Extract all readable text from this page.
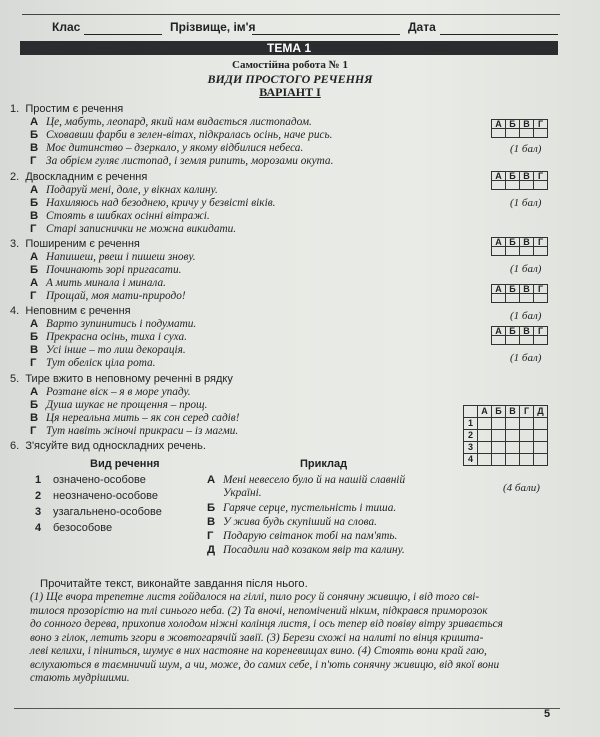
Клас	Прізвище, ім'я	Дата
ТЕМА 1
Самостійна робота № 1
ВИДИ ПРОСТОГО РЕЧЕННЯ
ВАРІАНТ І
1. Простим є речення
А Це, мабуть, леопард, який нам видається листопадом.
Б Сховавши фарби в зелен-вітах, підкралась осінь, наче рись.
В Моє дитинство – дзеркало, у якому відбилися небеса.
Г За обрієм гуляє листопад, і земля рипить, морозами окута.
А	Б	В	Г

(1 бал)
2. Двоскладним є речення
А Подаруй мені, доле, у вікнах калину.
Б Нахиляюсь над безоднею, кричу у безвісті віків.
В Стоять в шибках осінні вітражі.
Г Старі записнички не можна викидати.
А	Б	В	Г

(1 бал)
3. Поширеним є речення
А Напишеш, рвеш і пишеш знову.
Б Починають зорі пригасати.
А А мить минала і минала.
Г Прощай, моя мати-природо!
А	Б	В	Г

(1 бал)
А	Б	В	Г

4. Неповним є речення
А Варто зупинитись і подумати.
Б Прекрасна осінь, тиха і суха.
В Усі інше – то лиш декорація.
Г Тут обеліск ціла рота.
(1 бал)
А	Б	В	Г

(1 бал)
5. Тире вжито в неповному реченні в рядку
А Розтане віск – я в море упаду.
Б Душа шукає не прощення – прощ.
В Ця нереальна мить – як сон серед садів!
Г Тут навіть жіночі прикраси – із магми.
	А	Б	В	Г	Д
1					
2					
3					
4					
6. З'ясуйте вид односкладних речень.
Вид речення	Приклад
1 означено-особове
2 неозначено-особове
3 узагальнено-особове
4 безособове
А Мені невесело було й на нашій славній
Україні.
Б Гаряче серце, пустельність і тиша.
В У жива будь скупіший на слова.
Г Подарую світанок тобі на пам'ять.
Д Посадили над козаком явір та калину.
(4 бали)
Прочитайте текст, виконайте завдання після нього.
(1) Ще вчора трепетне листя гойдалося на гіллі, пило росу й сонячну живицю, і від того сві-
тилося прозорістю на тлі синього неба. (2) Та вночі, непомічений ніким, підкрався приморозок
до сонного дерева, прихопив холодом ніжні колінця листя, і ось тепер від повіву вітру зривається
воно з гілок, летить згори в жовтогарячій завії. (3) Берези схожі на налиті по вінця кришта-
леві келихи, і піниться, шумує в них настояне на кореневищах вино. (4) Стоять вони край гаю,
вслухаються в таємничий шум, а чи, може, до самих себе, і п'ють сонячну живицю, від якої вони
стають мудрішими.
5
